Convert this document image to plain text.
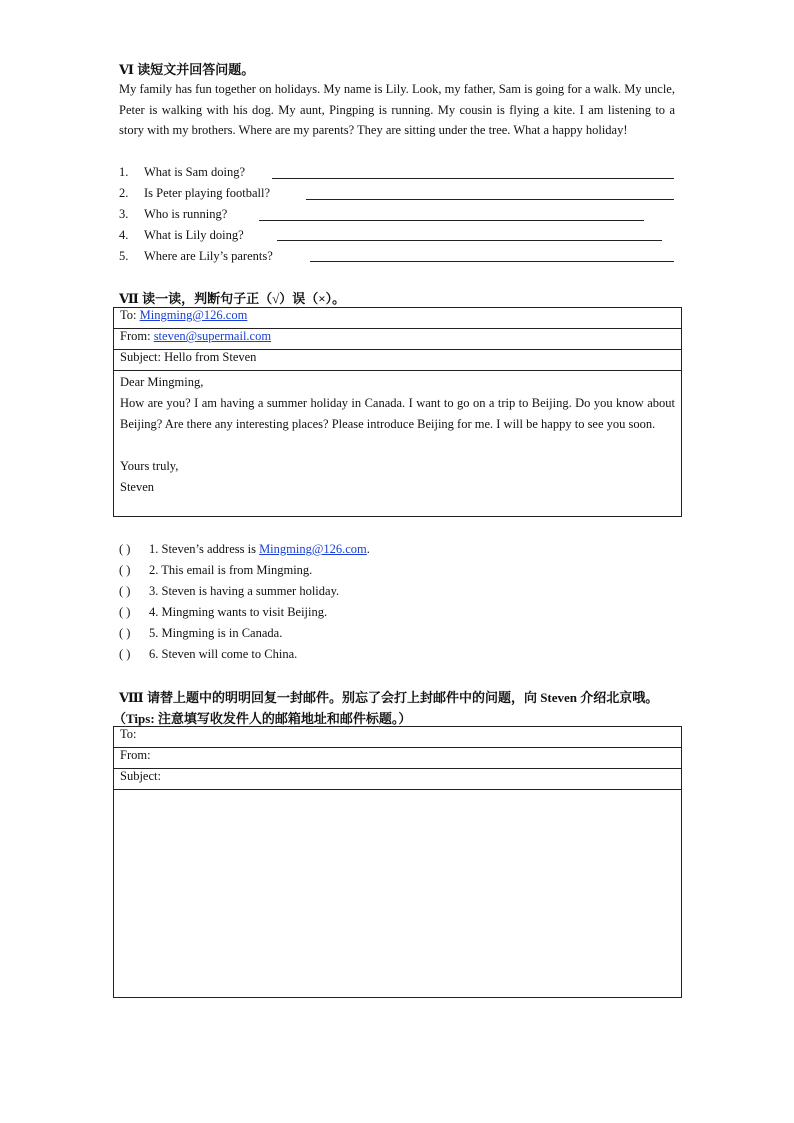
Ⅵ 读短文并回答问题。
My family has fun together on holidays. My name is Lily. Look, my father, Sam is going for a walk. My uncle, Peter is walking with his dog. My aunt, Pingping is running. My cousin is flying a kite. I am listening to a story with my brothers. Where are my parents? They are sitting under the tree. What a happy holiday!
1. What is Sam doing?
2. Is Peter playing football?
3. Who is running?
4. What is Lily doing?
5. Where are Lily’s parents?
Ⅶ 读一读，判断句子正（√）误（×）。
To: Mingming@126.com
From: steven@supermail.com
Subject: Hello from Steven

Dear Mingming,

How are you? I am having a summer holiday in Canada. I want to go on a trip to Beijing. Do you know about Beijing? Are there any interesting places? Please introduce Beijing for me. I will be happy to see you soon.

Yours truly,

Steven

( ) 1. Steven’s address is Mingming@126.com.
( ) 2. This email is from Mingming.
( ) 3. Steven is having a summer holiday.
( ) 4. Mingming wants to visit Beijing.
( ) 5. Mingming is in Canada.
( ) 6. Steven will come to China.
Ⅷ 请替上题中的明明回复一封邮件。别忘了会打上封邮件中的问题，向 Steven 介绍北京哦。
（Tips: 注意填写收发件人的邮箱地址和邮件标题。）
To:
From:
Subject:
